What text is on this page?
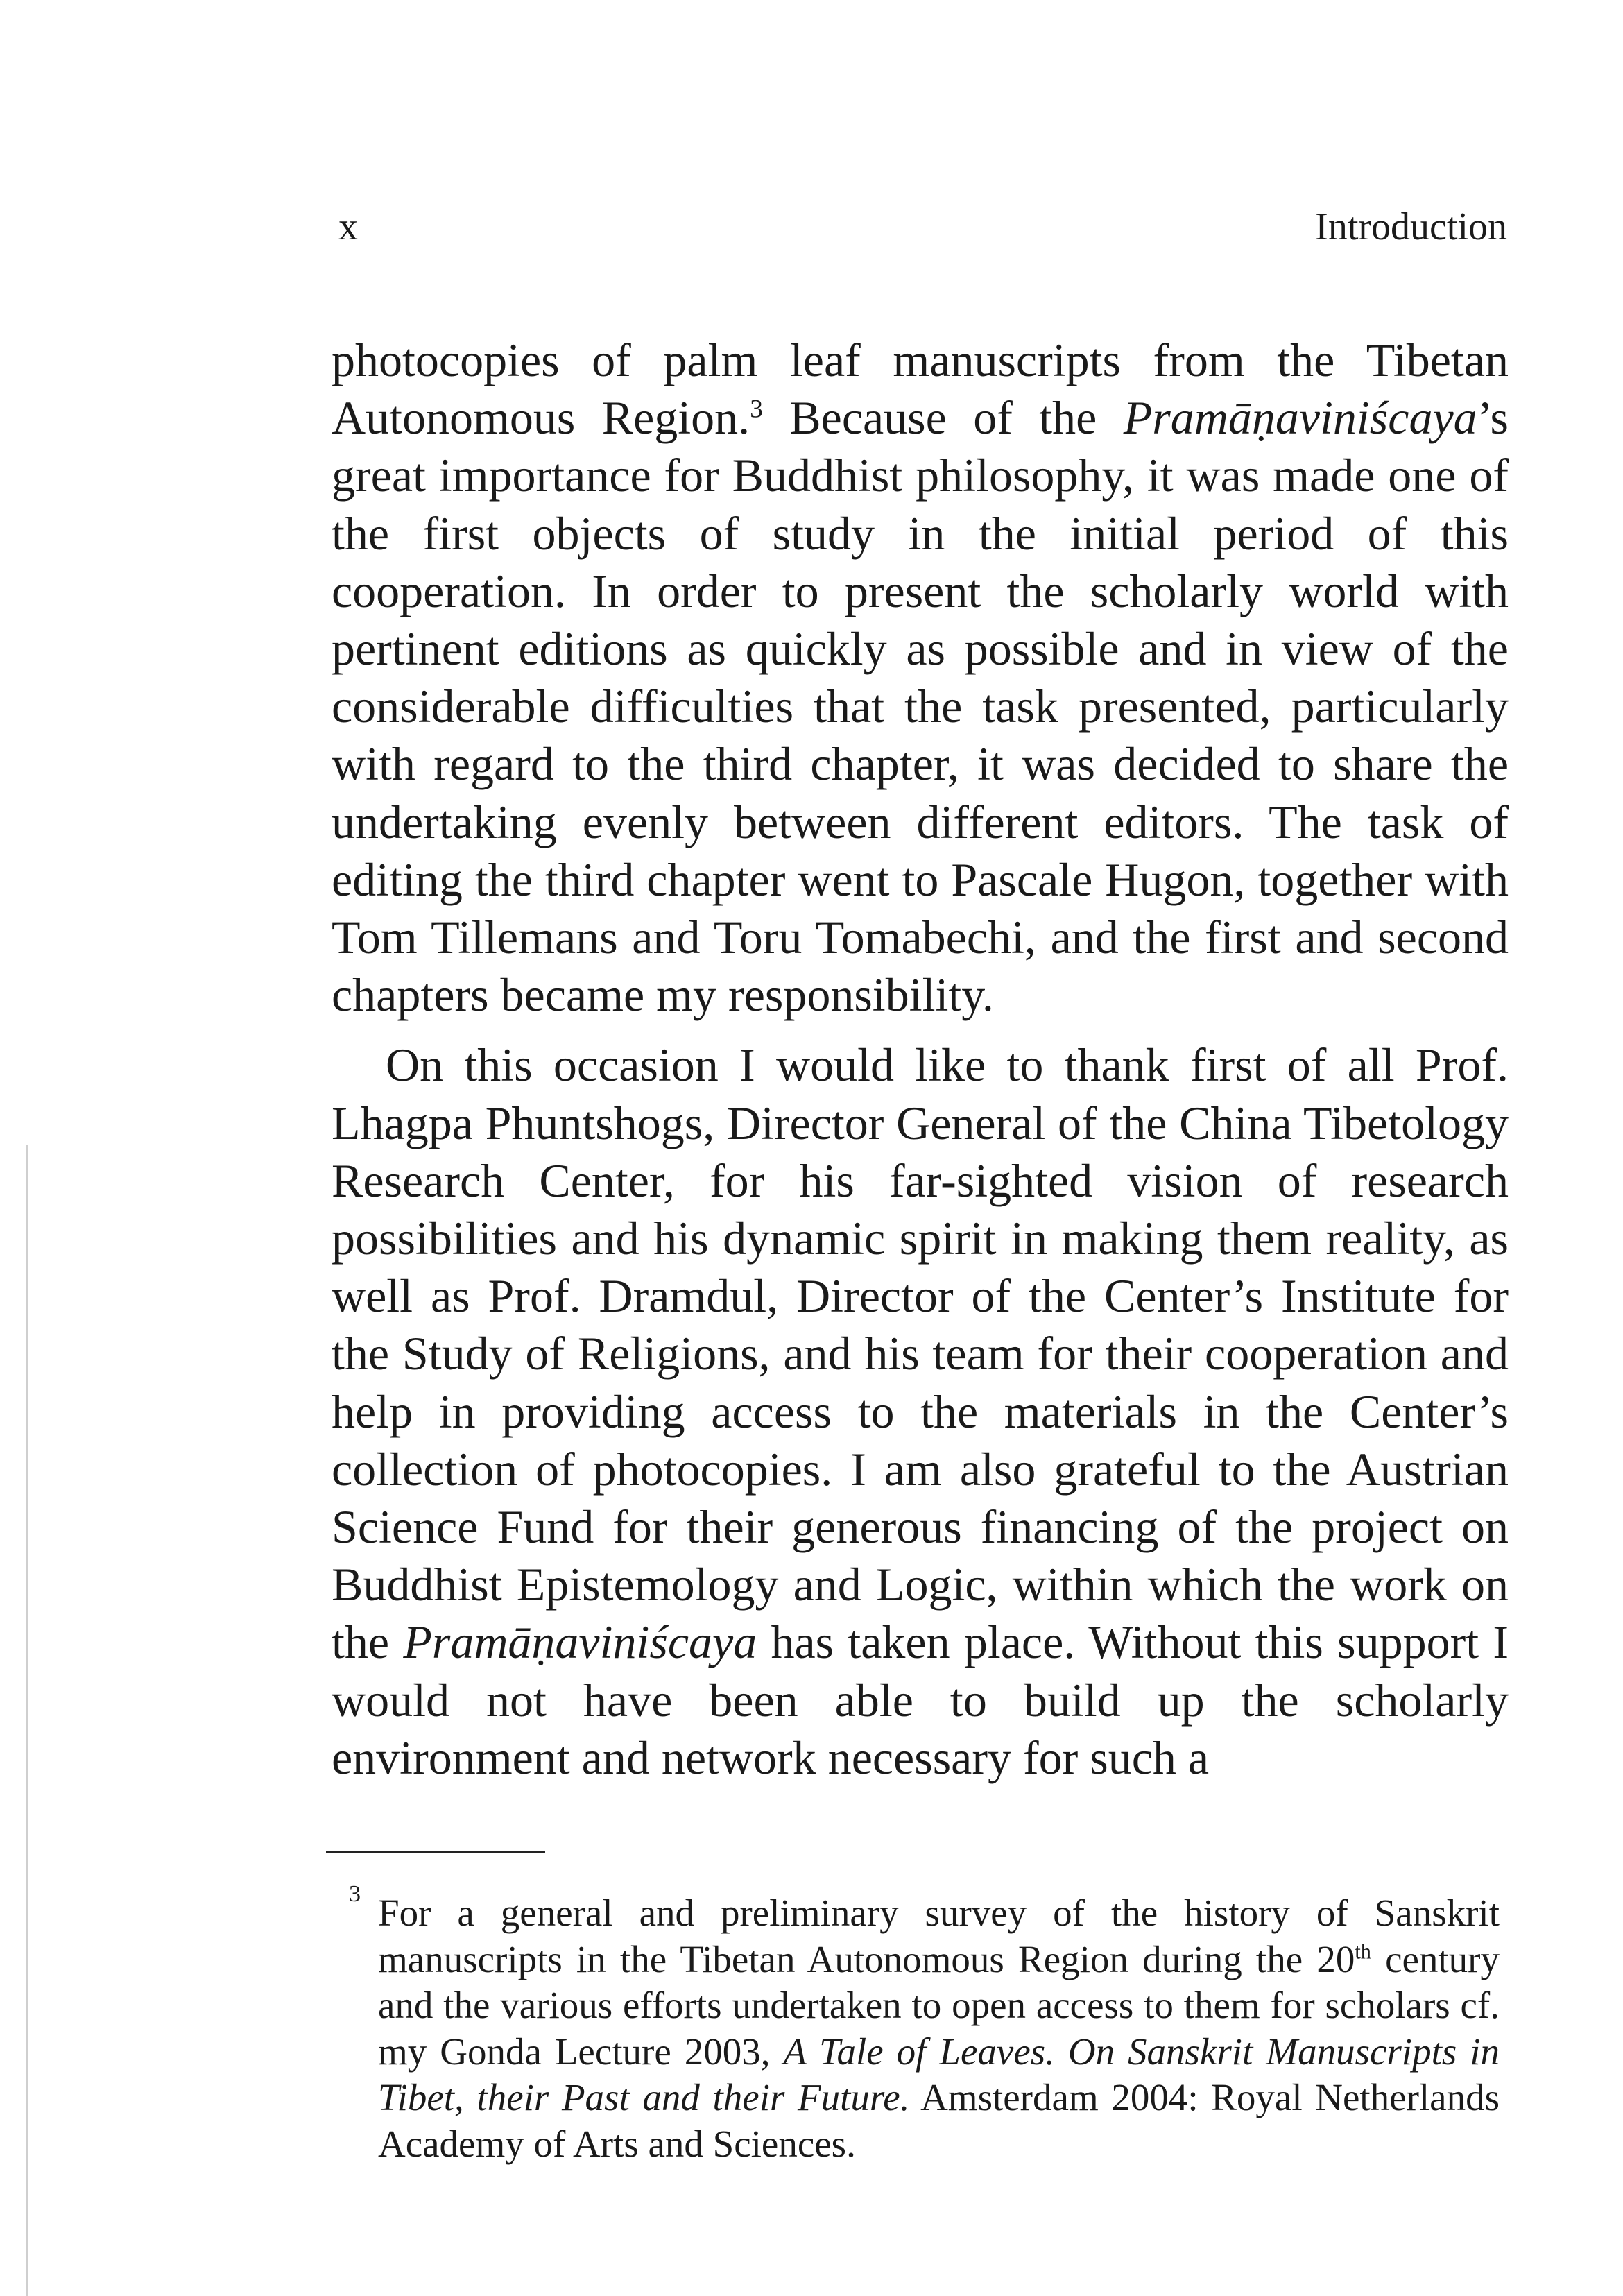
x	Introduction

photocopies of palm leaf manuscripts from the Tibetan Autonomous Region.$^3$ Because of the Pramāṇaviniścaya’s great importance for Buddhist philosophy, it was made one of the first objects of study in the initial period of this cooperation. In order to present the scholarly world with pertinent editions as quickly as possible and in view of the considerable difficulties that the task presented, particularly with regard to the third chapter, it was decided to share the undertaking evenly between different editors. The task of editing the third chapter went to Pascale Hugon, together with Tom Tillemans and Toru Tomabechi, and the first and second chapters became my responsibility.

On this occasion I would like to thank first of all Prof. Lhagpa Phuntshogs, Director General of the China Tibetology Research Center, for his far-sighted vision of research possibilities and his dynamic spirit in making them reality, as well as Prof. Dramdul, Director of the Center’s Institute for the Study of Religions, and his team for their cooperation and help in providing access to the materials in the Center’s collection of photocopies. I am also grateful to the Austrian Science Fund for their generous financing of the project on Buddhist Epistemology and Logic, within which the work on the Pramāṇaviniścaya has taken place. Without this support I would not have been able to build up the scholarly environment and network necessary for such a

3 For a general and preliminary survey of the history of Sanskrit manuscripts in the Tibetan Autonomous Region during the 20th century and the various efforts undertaken to open access to them for scholars cf. my Gonda Lecture 2003, A Tale of Leaves. On Sanskrit Manuscripts in Tibet, their Past and their Future. Amsterdam 2004: Royal Netherlands Academy of Arts and Sciences.
